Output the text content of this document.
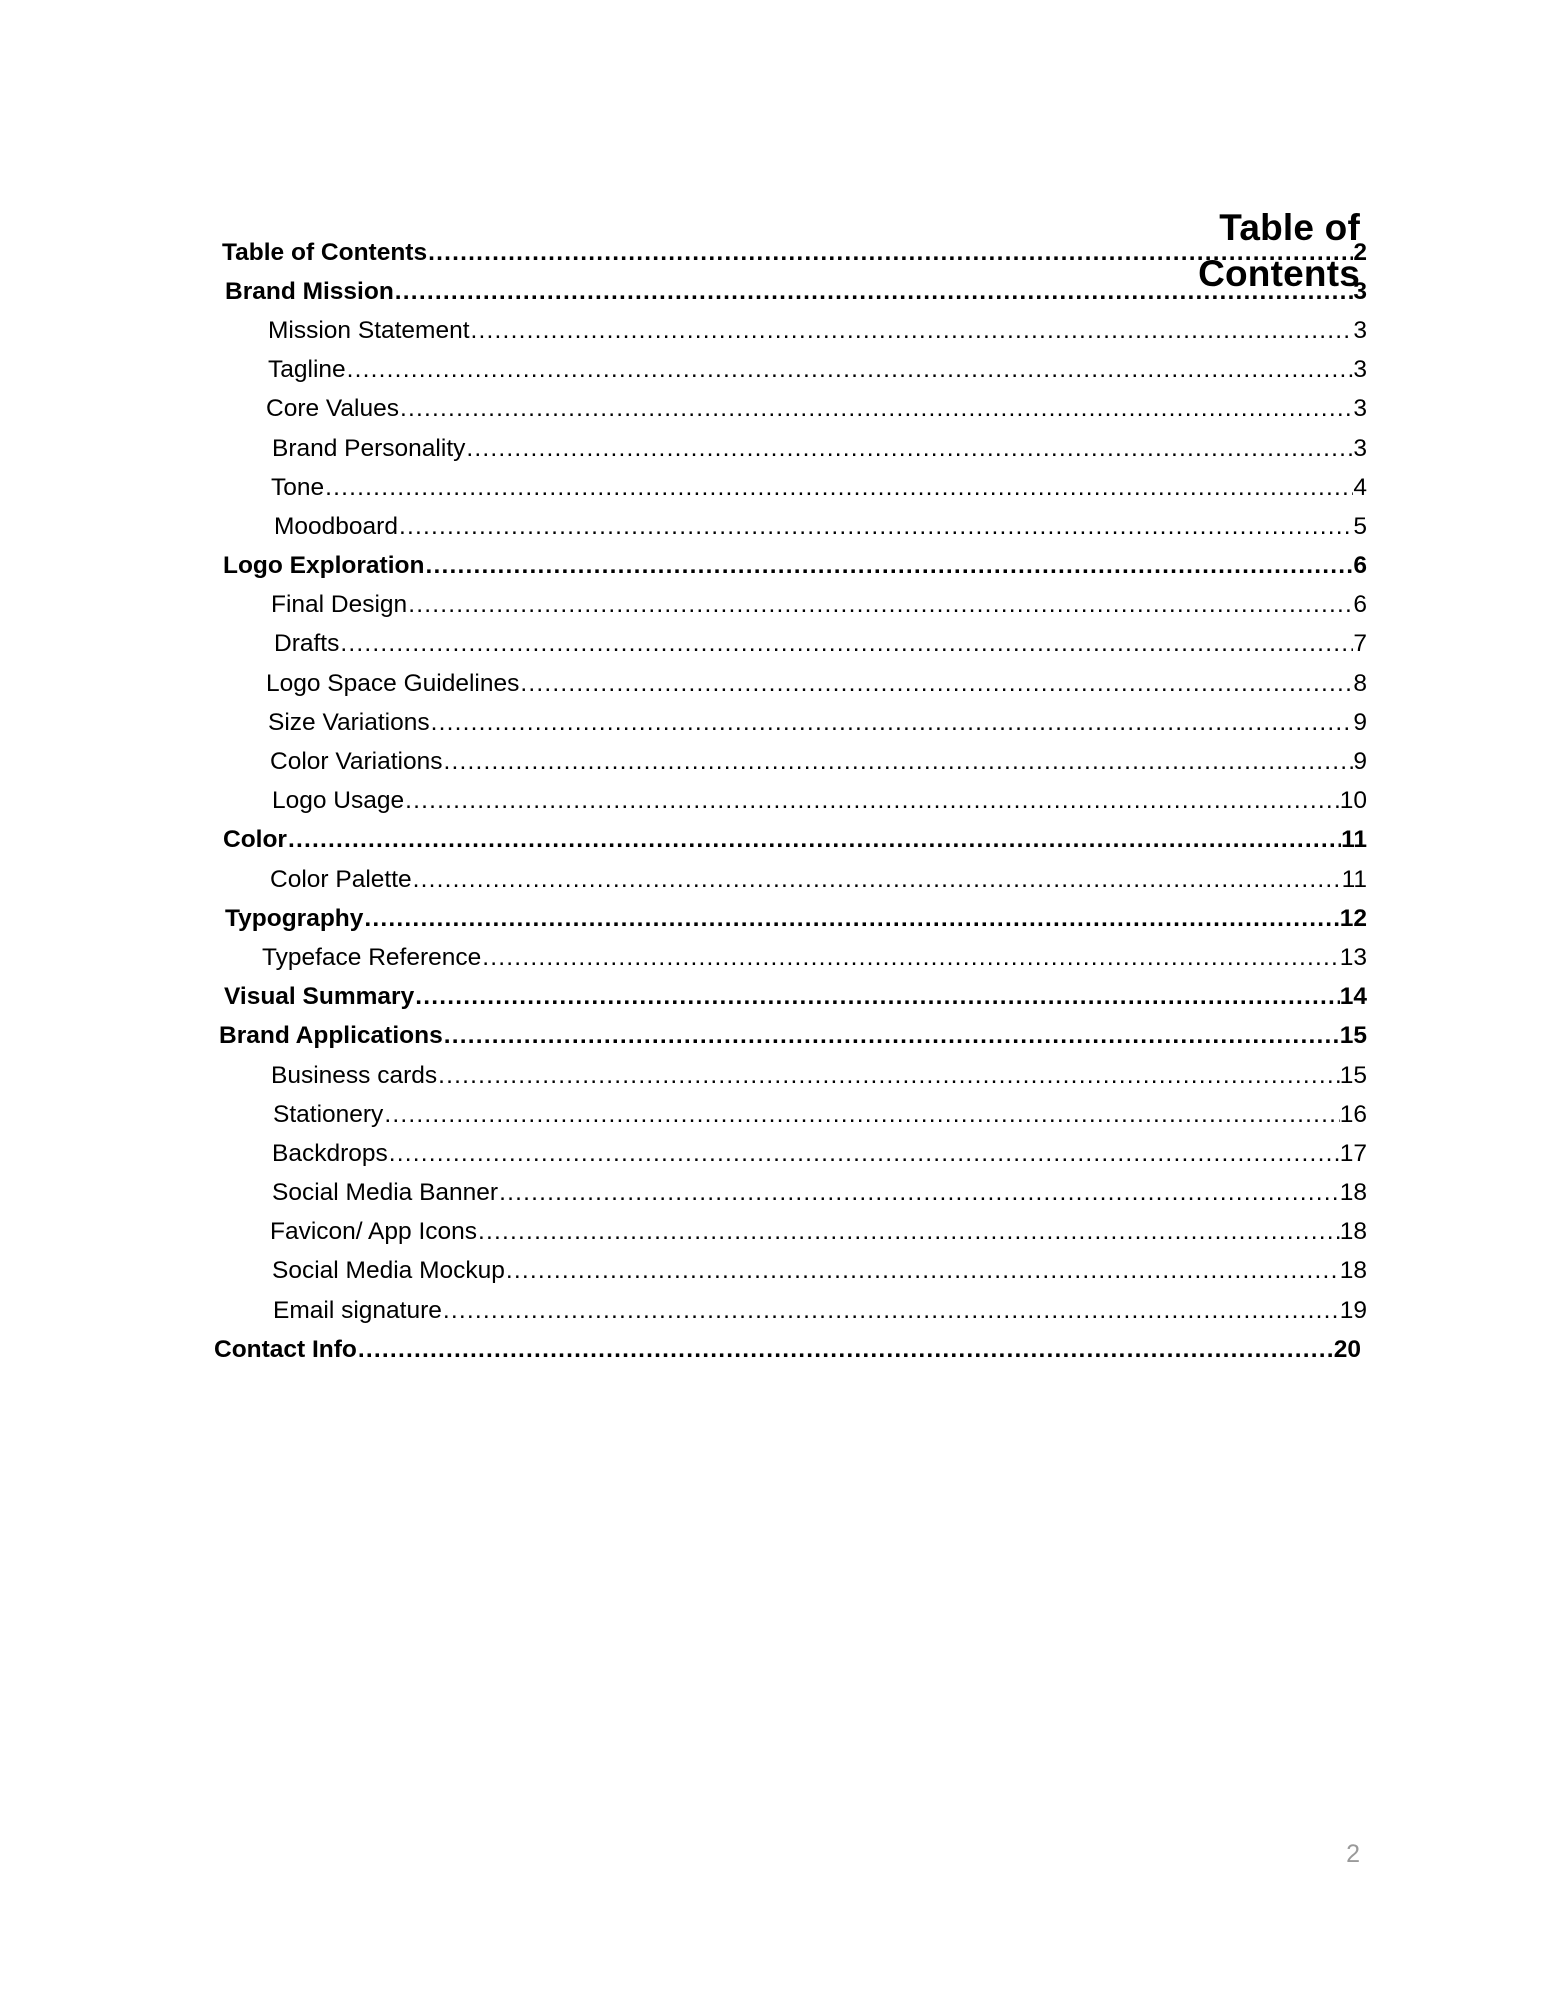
Table of Contents
Table of Contents .....	2
Brand Mission .....	3
Mission Statement .....	3
Tagline .....	3
Core Values .....	3
Brand Personality .....	3
Tone .....	4
Moodboard .....	5
Logo Exploration .....	6
Final Design .....	6
Drafts .....	7
Logo Space Guidelines .....	8
Size Variations .....	9
Color Variations .....	9
Logo Usage .....	10
Color .....	11
Color Palette .....	11
Typography .....	12
Typeface Reference .....	13
Visual Summary .....	14
Brand Applications .....	15
Business cards .....	15
Stationery .....	16
Backdrops .....	17
Social Media Banner .....	18
Favicon/ App Icons .....	18
Social Media Mockup .....	18
Email signature .....	19
Contact Info .....	20
2
